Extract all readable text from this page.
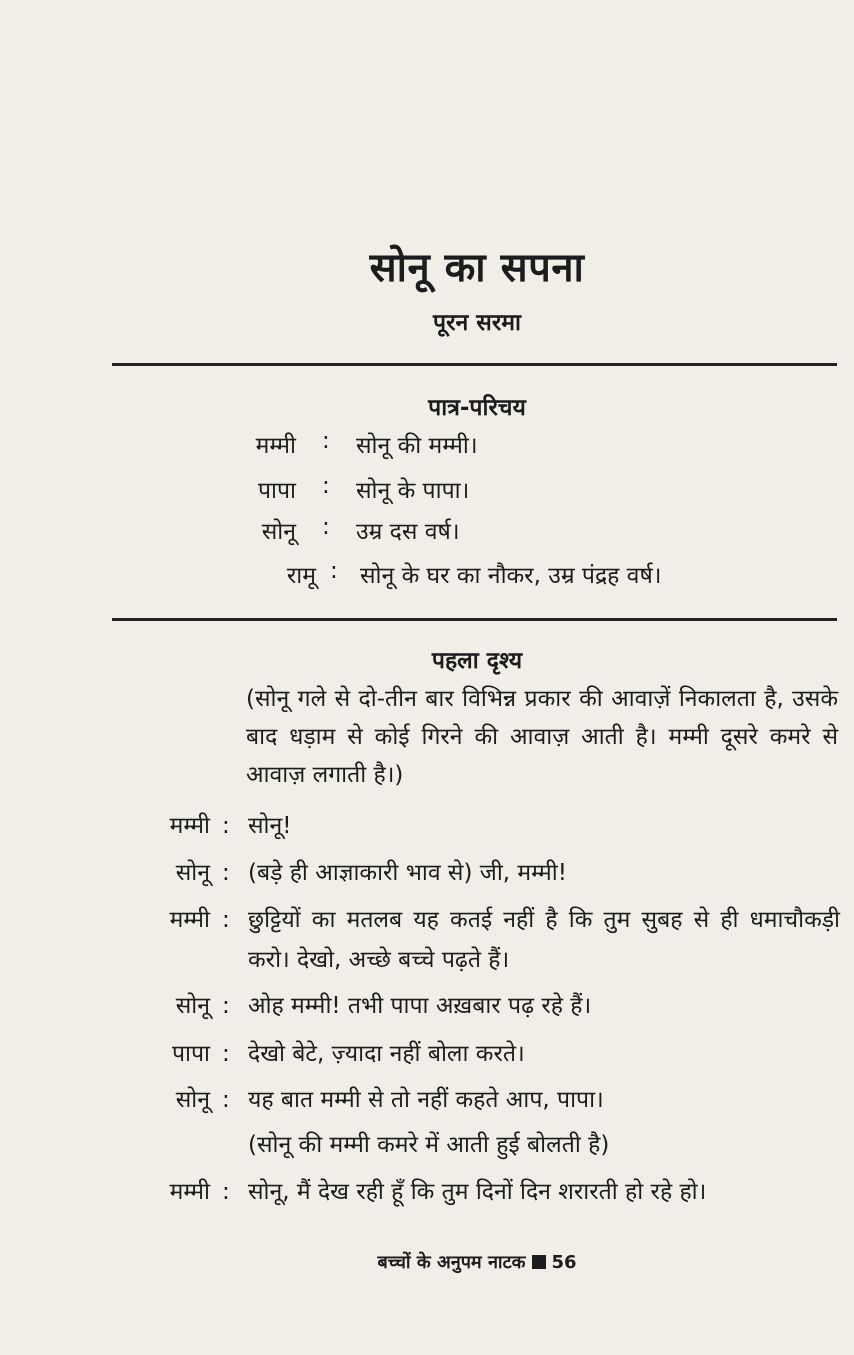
सोनू का सपना
पूरन सरमा
पात्र-परिचय
मम्मी : सोनू की मम्मी।
पापा : सोनू के पापा।
सोनू : उम्र दस वर्ष।
रामू : सोनू के घर का नौकर, उम्र पंद्रह वर्ष।
पहला दृश्य
(सोनू गले से दो-तीन बार विभिन्न प्रकार की आवाज़ें निकालता है, उसके बाद धड़ाम से कोई गिरने की आवाज़ आती है। मम्मी दूसरे कमरे से आवाज़ लगाती है।)
मम्मी : सोनू!
सोनू : (बड़े ही आज्ञाकारी भाव से) जी, मम्मी!
मम्मी : छुट्टियों का मतलब यह कतई नहीं है कि तुम सुबह से ही धमाचौकड़ी करो। देखो, अच्छे बच्चे पढ़ते हैं।
सोनू : ओह मम्मी! तभी पापा अख़बार पढ़ रहे हैं।
पापा : देखो बेटे, ज़्यादा नहीं बोला करते।
सोनू : यह बात मम्मी से तो नहीं कहते आप, पापा।
(सोनू की मम्मी कमरे में आती हुई बोलती है)
मम्मी : सोनू, मैं देख रही हूँ कि तुम दिनों दिन शरारती हो रहे हो।
बच्चों के अनुपम नाटक 56
